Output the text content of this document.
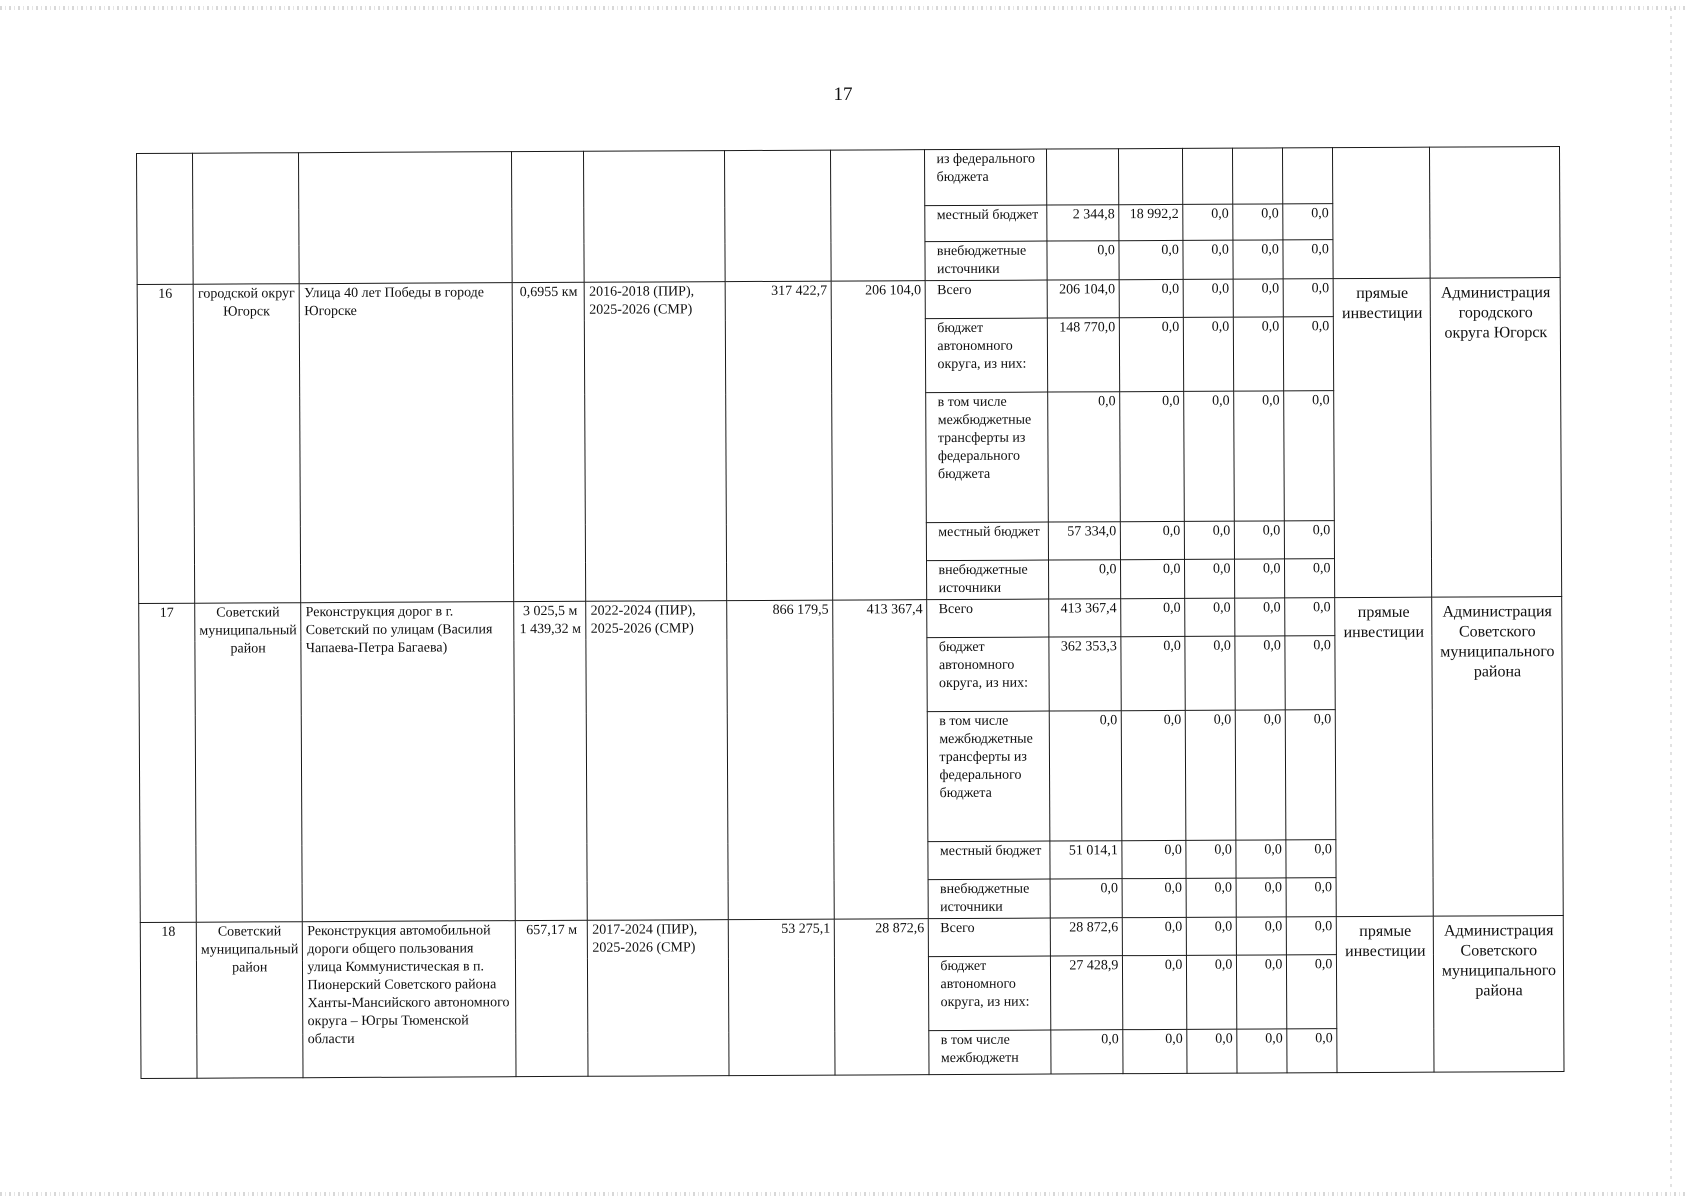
17
							из федерального бюджета							
							местный бюджет	2 344,8	18 992,2	0,0	0,0	0,0		
							внебюджетные источники	0,0	0,0	0,0	0,0	0,0		
16	городской округ Югорск	Улица 40 лет Победы в городе Югорске	0,6955 км	2016-2018 (ПИР), 2025-2026 (СМР)	317 422,7	206 104,0	Всего	206 104,0	0,0	0,0	0,0	0,0	прямые инвестиции	Администрация городского округа Югорск
							бюджет автономного округа, из них:	148 770,0	0,0	0,0	0,0	0,0		
							в том числе межбюджетные трансферты из федерального бюджета	0,0	0,0	0,0	0,0	0,0		
							местный бюджет	57 334,0	0,0	0,0	0,0	0,0		
							внебюджетные источники	0,0	0,0	0,0	0,0	0,0		
17	Советский муниципальный район	Реконструкция дорог в г. Советский по улицам (Василия Чапаева-Петра Багаева)	3 025,5 м 1 439,32 м	2022-2024 (ПИР), 2025-2026 (СМР)	866 179,5	413 367,4	Всего	413 367,4	0,0	0,0	0,0	0,0	прямые инвестиции	Администрация Советского муниципального района
							бюджет автономного округа, из них:	362 353,3	0,0	0,0	0,0	0,0		
							в том числе межбюджетные трансферты из федерального бюджета	0,0	0,0	0,0	0,0	0,0		
							местный бюджет	51 014,1	0,0	0,0	0,0	0,0		
							внебюджетные источники	0,0	0,0	0,0	0,0	0,0		
18	Советский муниципальный район	Реконструкция автомобильной дороги общего пользования улица Коммунистическая в п. Пионерский Советского района Ханты-Мансийского автономного округа – Югры Тюменской области	657,17 м	2017-2024 (ПИР), 2025-2026 (СМР)	53 275,1	28 872,6	Всего	28 872,6	0,0	0,0	0,0	0,0	прямые инвестиции	Администрация Советского муниципального района
							бюджет автономного округа, из них:	27 428,9	0,0	0,0	0,0	0,0		
							в том числе межбюджетн	0,0	0,0	0,0	0,0	0,0		
